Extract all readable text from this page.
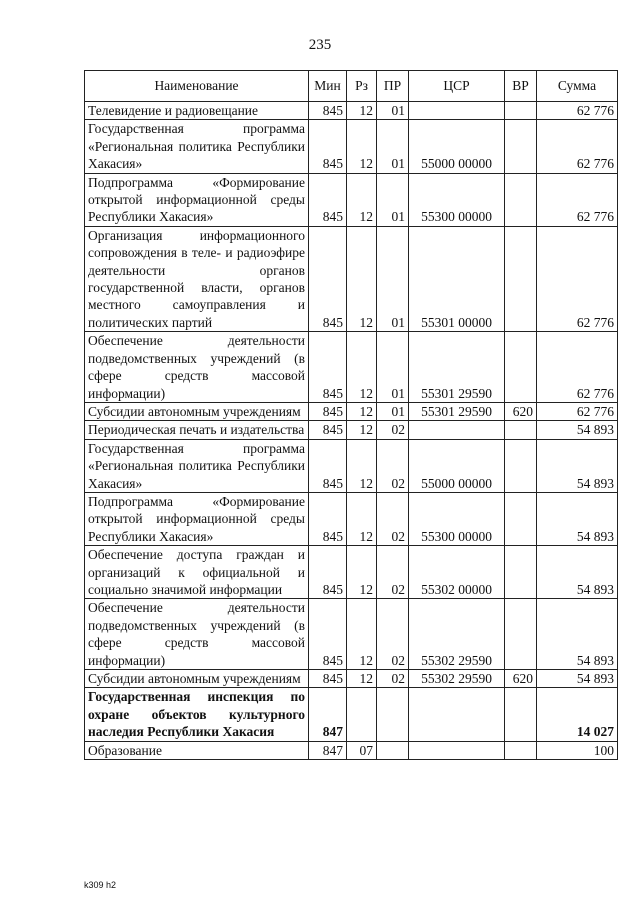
235
Наименование	Мин	Рз	ПР	ЦСР	ВР	Сумма
Телевидение и радиовещание	845	12	01			62 776
Государственная программа «Региональная политика Республики Хакасия»	845	12	01	55000 00000		62 776
Подпрограмма «Формирование открытой информационной среды Республики Хакасия»	845	12	01	55300 00000		62 776
Организация информационного сопровождения в теле- и радиоэфире деятельности органов государственной власти, органов местного самоуправления и политических партий	845	12	01	55301 00000		62 776
Обеспечение деятельности подведомственных учреждений (в сфере средств массовой информации)	845	12	01	55301 29590		62 776
Субсидии автономным учреждениям	845	12	01	55301 29590	620	62 776
Периодическая печать и издательства	845	12	02			54 893
Государственная программа «Региональная политика Республики Хакасия»	845	12	02	55000 00000		54 893
Подпрограмма «Формирование открытой информационной среды Республики Хакасия»	845	12	02	55300 00000		54 893
Обеспечение доступа граждан и организаций к официальной и социально значимой информации	845	12	02	55302 00000		54 893
Обеспечение деятельности подведомственных учреждений (в сфере средств массовой информации)	845	12	02	55302 29590		54 893
Субсидии автономным учреждениям	845	12	02	55302 29590	620	54 893
Государственная инспекция по охране объектов культурного наследия Республики Хакасия	847					14 027
Образование	847	07				100
k309 h2
